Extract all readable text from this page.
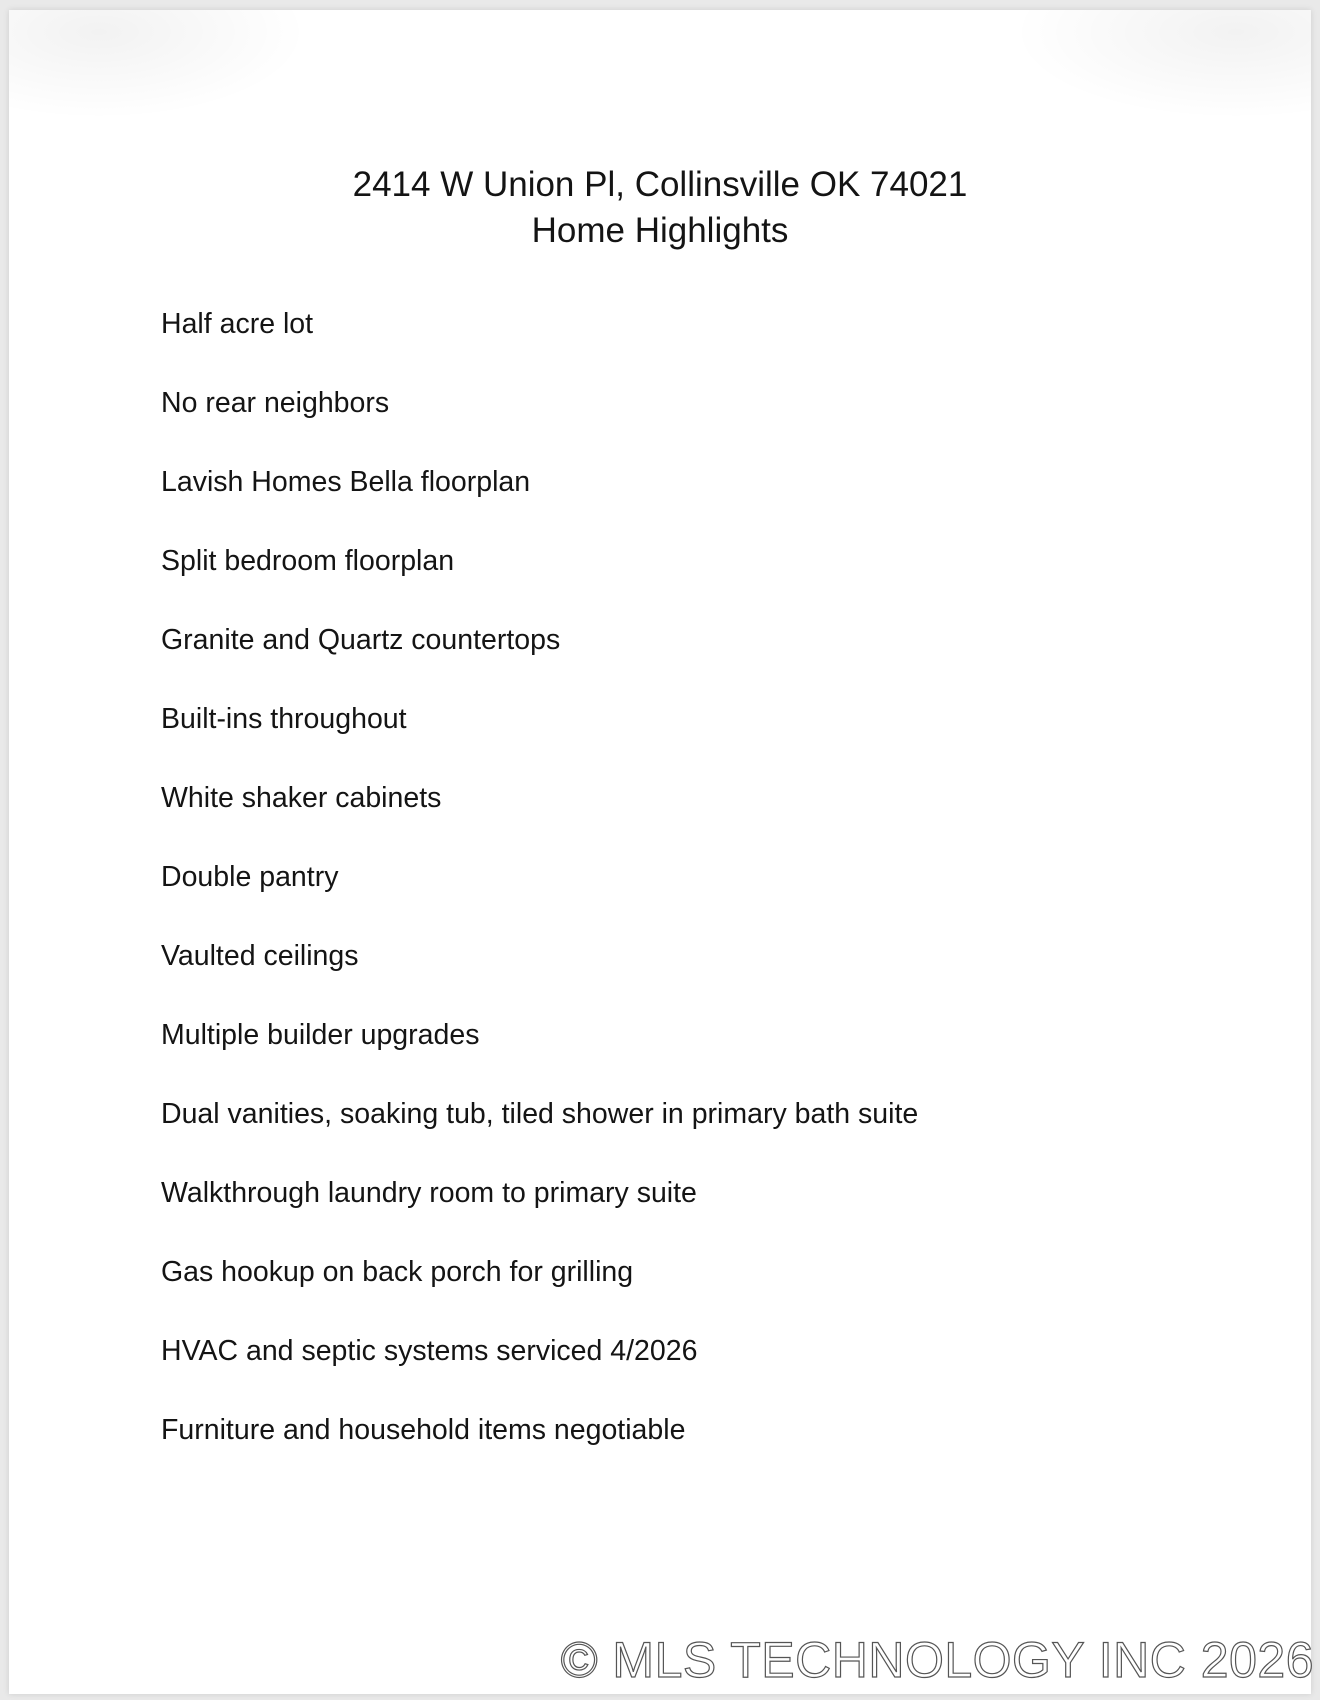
2414 W Union Pl, Collinsville OK 74021
Home Highlights
Half acre lot
No rear neighbors
Lavish Homes Bella floorplan
Split bedroom floorplan
Granite and Quartz countertops
Built-ins throughout
White shaker cabinets
Double pantry
Vaulted ceilings
Multiple builder upgrades
Dual vanities, soaking tub, tiled shower in primary bath suite
Walkthrough laundry room to primary suite
Gas hookup on back porch for grilling
HVAC and septic systems serviced 4/2026
Furniture and household items negotiable
© MLS TECHNOLOGY INC 2026
